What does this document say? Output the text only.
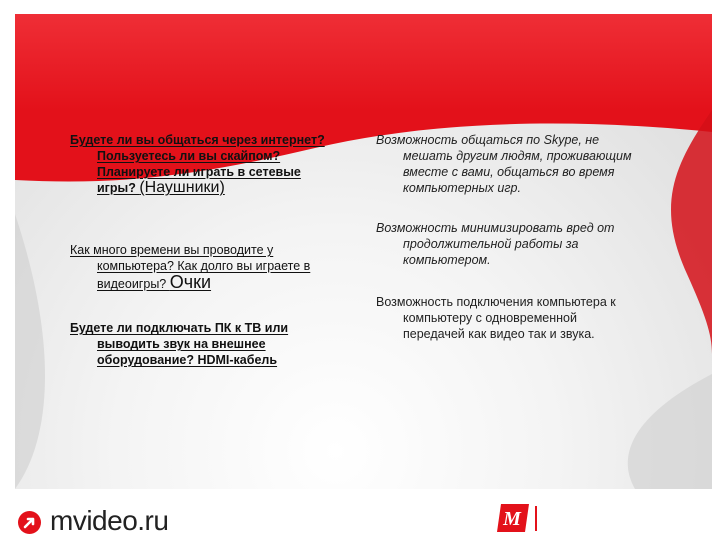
Будете ли вы общаться через интернет? Пользуетесь ли вы скайпом? Планируете ли играть в сетевые игры? (Наушники)

Как много времени вы проводите у компьютера? Как долго вы играете в видеоигры? Очки

Будете ли подключать ПК к ТВ или выводить звук на внешнее оборудование? HDMI-кабель

Возможность общаться по Skype, не мешать другим людям, проживающим вместе с вами, общаться во время компьютерных игр.

Возможность минимизировать вред от продолжительной работы за компьютером.

Возможность подключения компьютера к компьютеру с одновременной передачей как видео так и звука.

mvideo.ru	М
